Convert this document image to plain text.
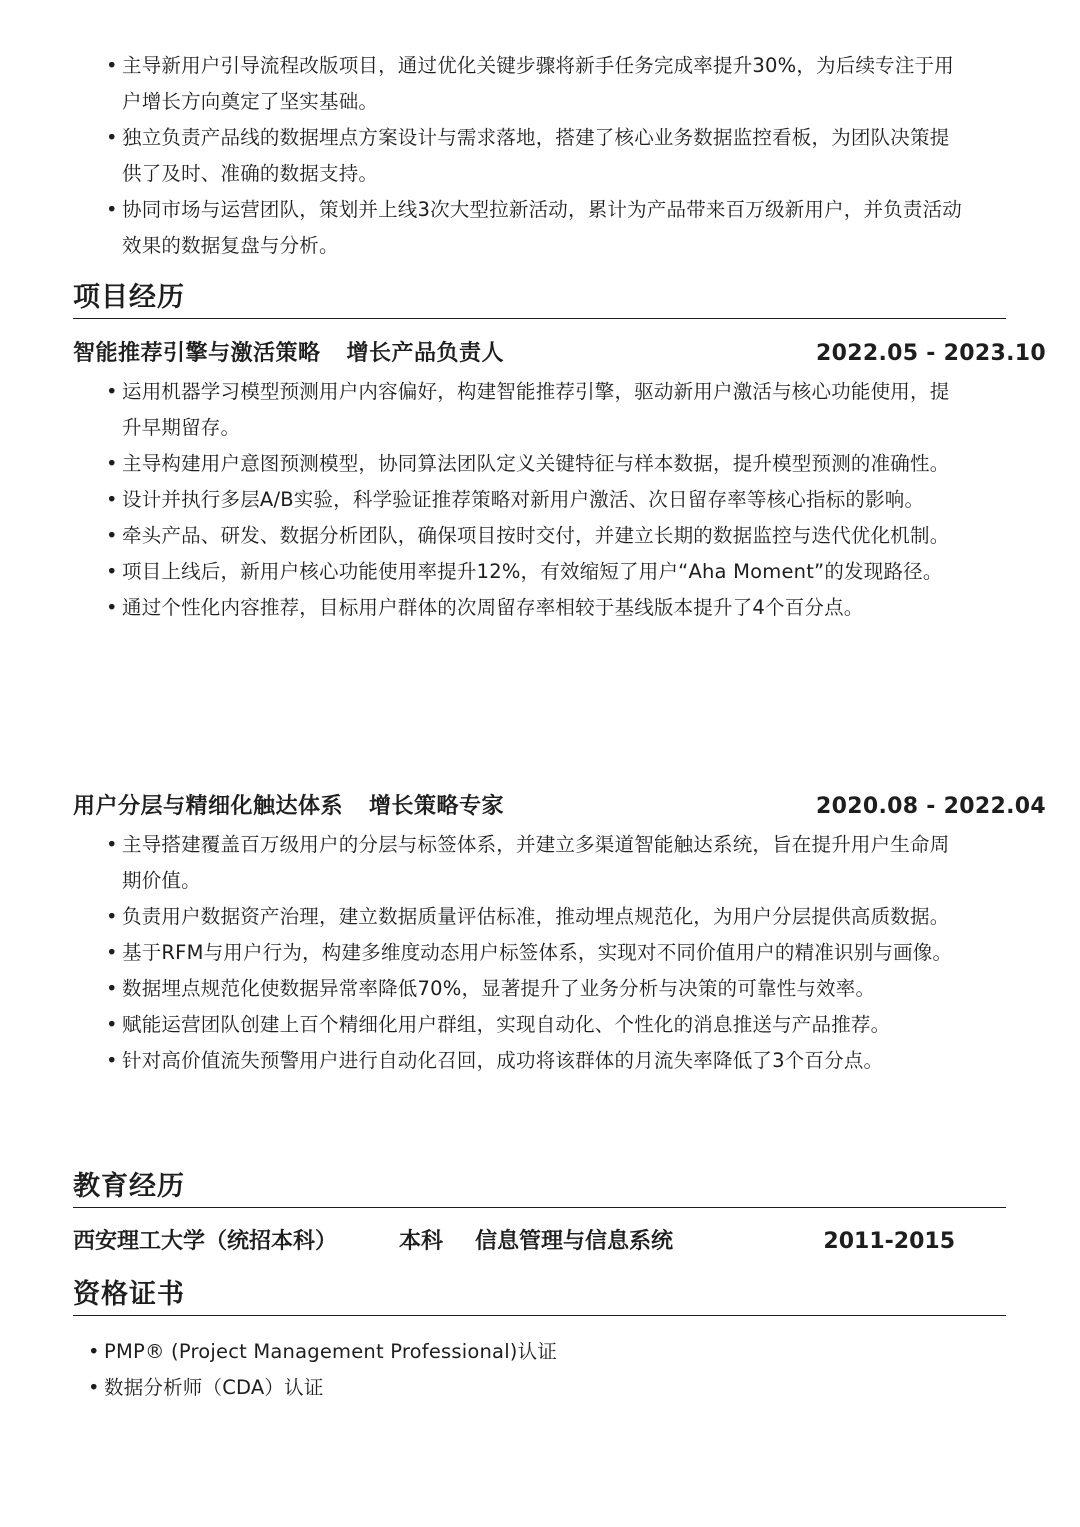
• 主导新用户引导流程改版项目，通过优化关键步骤将新手任务完成率提升30%，为后续专注于用户增长方向奠定了坚实基础。
• 独立负责产品线的数据埋点方案设计与需求落地，搭建了核心业务数据监控看板，为团队决策提供了及时、准确的数据支持。
• 协同市场与运营团队，策划并上线3次大型拉新活动，累计为产品带来百万级新用户，并负责活动效果的数据复盘与分析。
项目经历
智能推荐引擎与激活策略 增长产品负责人	2022.05 - 2023.10
• 运用机器学习模型预测用户内容偏好，构建智能推荐引擎，驱动新用户激活与核心功能使用，提升早期留存。
• 主导构建用户意图预测模型，协同算法团队定义关键特征与样本数据，提升模型预测的准确性。
• 设计并执行多层A/B实验，科学验证推荐策略对新用户激活、次日留存率等核心指标的影响。
• 牵头产品、研发、数据分析团队，确保项目按时交付，并建立长期的数据监控与迭代优化机制。
• 项目上线后，新用户核心功能使用率提升12%，有效缩短了用户“Aha Moment”的发现路径。
• 通过个性化内容推荐，目标用户群体的次周留存率相较于基线版本提升了4个百分点。
用户分层与精细化触达体系 增长策略专家	2020.08 - 2022.04
• 主导搭建覆盖百万级用户的分层与标签体系，并建立多渠道智能触达系统，旨在提升用户生命周期价值。
• 负责用户数据资产治理，建立数据质量评估标准，推动埋点规范化，为用户分层提供高质数据。
• 基于RFM与用户行为，构建多维度动态用户标签体系，实现对不同价值用户的精准识别与画像。
• 数据埋点规范化使数据异常率降低70%，显著提升了业务分析与决策的可靠性与效率。
• 赋能运营团队创建上百个精细化用户群组，实现自动化、个性化的消息推送与产品推荐。
• 针对高价值流失预警用户进行自动化召回，成功将该群体的月流失率降低了3个百分点。
教育经历
西安理工大学（统招本科）	本科 信息管理与信息系统	2011-2015
资格证书
• PMP® (Project Management Professional)认证
• 数据分析师（CDA）认证
